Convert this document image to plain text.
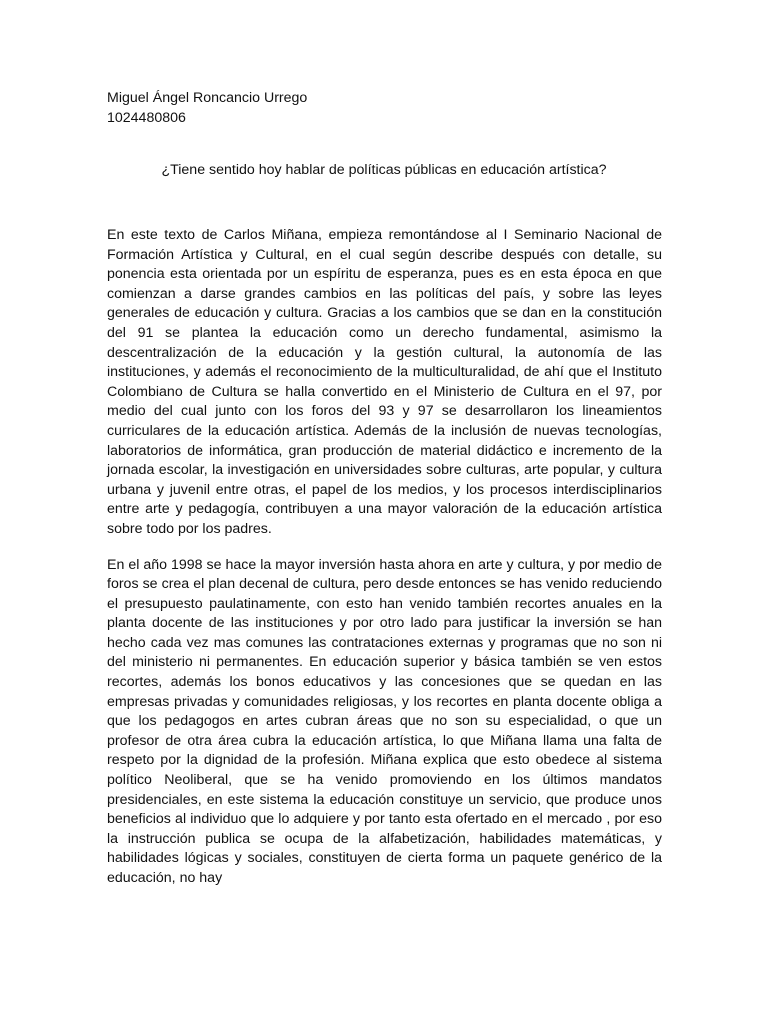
Miguel Ángel Roncancio Urrego
1024480806
¿Tiene sentido hoy hablar de políticas públicas en educación artística?

En este texto de Carlos Miñana, empieza remontándose al I Seminario Nacional de Formación Artística y Cultural, en el cual según describe después con detalle, su ponencia esta orientada por un espíritu de esperanza, pues es en esta época en que comienzan a darse grandes cambios en las políticas del país, y sobre las leyes generales de educación y cultura. Gracias a los cambios que se dan en la constitución del 91 se plantea la educación como un derecho fundamental, asimismo la descentralización de la educación y la gestión cultural, la autonomía de las instituciones, y además el reconocimiento de la multiculturalidad, de ahí que el Instituto Colombiano de Cultura se halla convertido en el Ministerio de Cultura en el 97, por medio del cual junto con los foros del 93 y 97 se desarrollaron los lineamientos curriculares de la educación artística. Además de la inclusión de nuevas tecnologías, laboratorios de informática, gran producción de material didáctico e incremento de la jornada escolar, la investigación en universidades sobre culturas, arte popular, y cultura urbana y juvenil entre otras, el papel de los medios, y los procesos interdisciplinarios entre arte y pedagogía, contribuyen a una mayor valoración de la educación artística sobre todo por los padres.

En el año 1998 se hace la mayor inversión hasta ahora en arte y cultura, y por medio de foros se crea el plan decenal de cultura, pero desde entonces se has venido reduciendo el presupuesto paulatinamente, con esto han venido también recortes anuales en la planta docente de las instituciones y por otro lado para justificar la inversión se han hecho cada vez mas comunes las contrataciones externas y programas que no son ni del ministerio ni permanentes. En educación superior y básica también se ven estos recortes, además los bonos educativos y las concesiones que se quedan en las empresas privadas y comunidades religiosas, y los recortes en planta docente obliga a que los pedagogos en artes cubran áreas que no son su especialidad, o que un profesor de otra área cubra la educación artística, lo que Miñana llama una falta de respeto por la dignidad de la profesión. Miñana explica que esto obedece al sistema político Neoliberal, que se ha venido promoviendo en los últimos mandatos presidenciales, en este sistema la educación constituye un servicio, que produce unos beneficios al individuo que lo adquiere y por tanto esta ofertado en el mercado , por eso la instrucción publica se ocupa de la alfabetización, habilidades matemáticas, y habilidades lógicas y sociales, constituyen de cierta forma un paquete genérico de la educación, no hay
